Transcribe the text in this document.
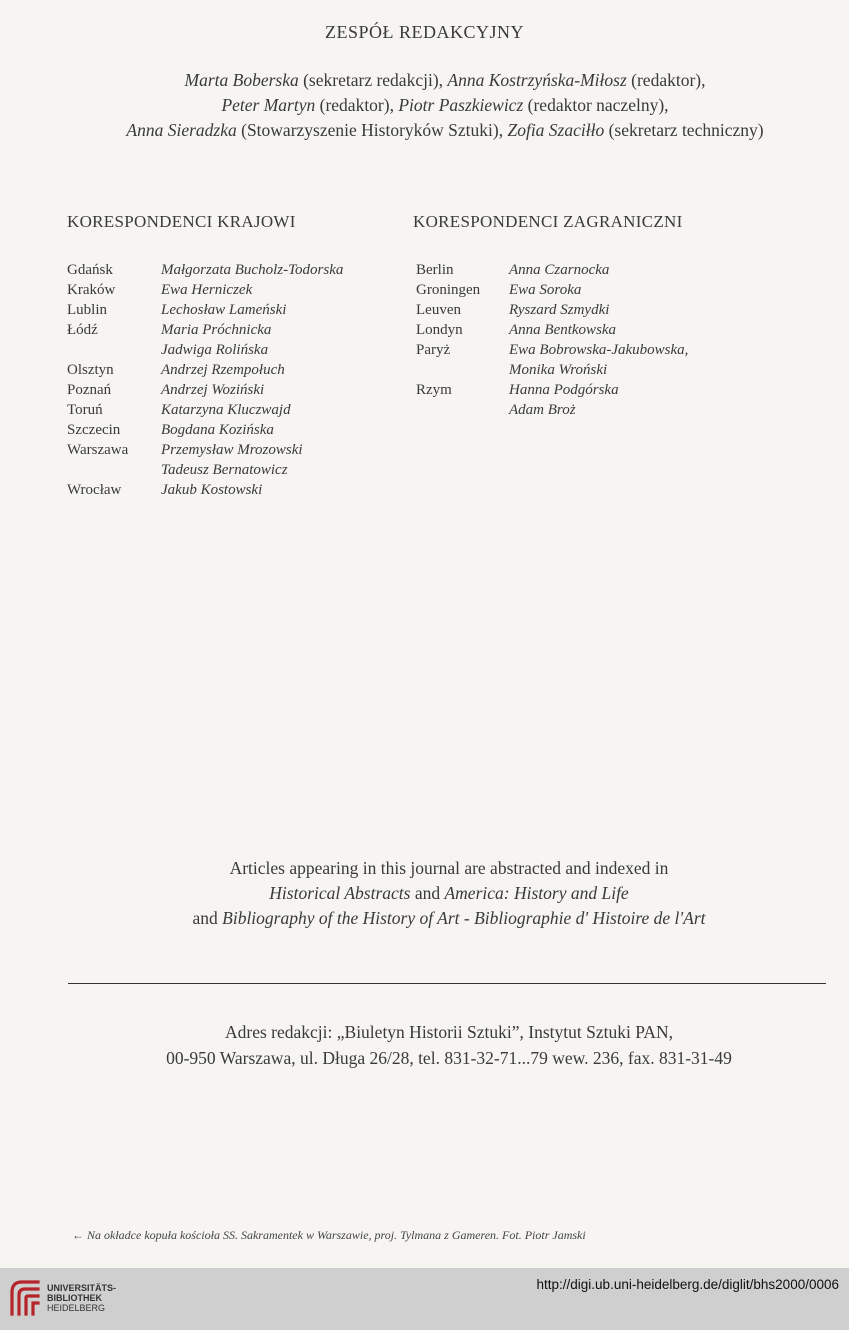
ZESPÓŁ REDAKCYJNY
Marta Boberska (sekretarz redakcji), Anna Kostrzyńska-Miłosz (redaktor),
Peter Martyn (redaktor), Piotr Paszkiewicz (redaktor naczelny),
Anna Sieradzka (Stowarzyszenie Historyków Sztuki), Zofia Szaciłło (sekretarz techniczny)
KORESPONDENCI KRAJOWI	KORESPONDENCI ZAGRANICZNI
Gdańsk	Małgorzata Bucholz-Todorska
Kraków	Ewa Herniczek
Lublin	Lechosław Lameński
Łódź	Maria Próchnicka
Jadwiga Rolińska
Olsztyn	Andrzej Rzempołuch
Poznań	Andrzej Woziński
Toruń	Katarzyna Kluczwajd
Szczecin	Bogdana Kozińska
Warszawa	Przemysław Mrozowski
Tadeusz Bernatowicz
Wrocław	Jakub Kostowski
Berlin	Anna Czarnocka
Groningen	Ewa Soroka
Leuven	Ryszard Szmydki
Londyn	Anna Bentkowska
Paryż	Ewa Bobrowska-Jakubowska,
Monika Wroński
Rzym	Hanna Podgórska
Adam Broż
Articles appearing in this journal are abstracted and indexed in
Historical Abstracts and America: History and Life
and Bibliography of the History of Art - Bibliographie d' Histoire de l'Art
Adres redakcji: „Biuletyn Historii Sztuki”, Instytut Sztuki PAN,
00-950 Warszawa, ul. Długa 26/28, tel. 831-32-71...79 wew. 236, fax. 831-31-49
← Na okładce kopuła kościoła SS. Sakramentek w Warszawie, proj. Tylmana z Gameren. Fot. Piotr Jamski
UNIVERSITÄTS-
BIBLIOTHEK
HEIDELBERG
http://digi.ub.uni-heidelberg.de/diglit/bhs2000/0006
